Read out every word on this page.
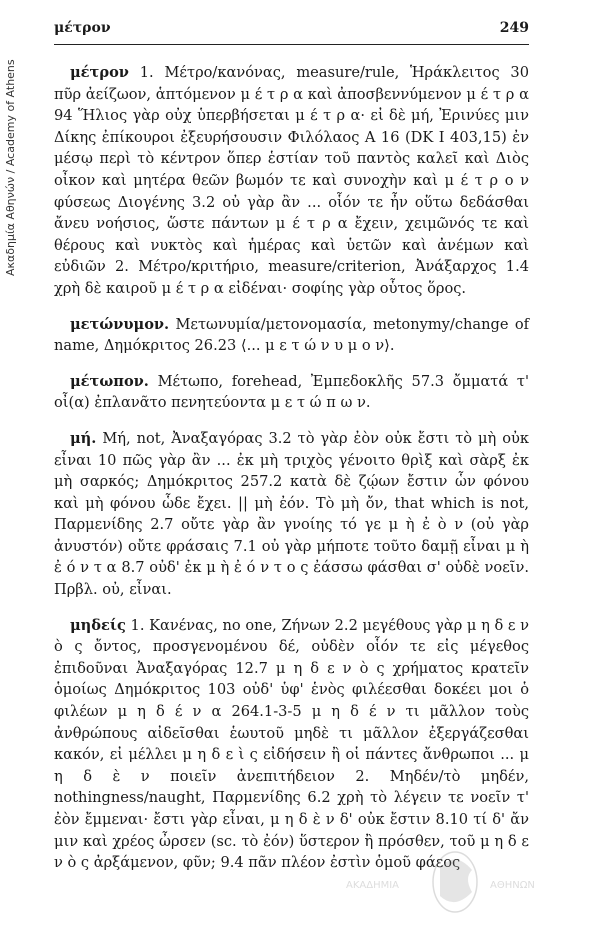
Ακαδημία Αθηνών / Academy of Athens
μέτρον	249

μέτρον 1. Μέτρο/κανόνας, measure/rule, Ἡράκλειτος 30 πῦρ ἀείζωον, ἁπτόμενον μ έ τ ρ α καὶ ἀποσβεννύμενον μ έ τ ρ α 94 Ἥλιος γὰρ οὐχ ὑπερβήσεται μ έ τ ρ α· εἰ δὲ μή, Ἐρινύες μιν Δίκης ἐπίκουροι ἐξευρήσουσιν Φιλόλαος Α 16 (DK I 403,15) ἐν μέσῳ περὶ τὸ κέντρον ὅπερ ἑστίαν τοῦ παντὸς καλεῖ καὶ Διὸς οἶκον καὶ μητέρα θεῶν βωμόν τε καὶ συνοχὴν καὶ μ έ τ ρ ο ν φύσεως Διογένης 3.2 οὐ γὰρ ἂν ... οἷόν τε ἦν οὕτω δεδάσθαι ἄνευ νοήσιος, ὥστε πάντων μ έ τ ρ α ἔχειν, χειμῶνός τε καὶ θέρους καὶ νυκτὸς καὶ ἡμέρας καὶ ὑετῶν καὶ ἀνέμων καὶ εὐδιῶν 2. Μέτρο/κριτήριο, measure/criterion, Ἀνάξαρχος 1.4 χρὴ δὲ καιροῦ μ έ τ ρ α εἰδέναι· σοφίης γὰρ οὗτος ὅρος.

μετώνυμον. Μετωνυμία/μετονομασία, metonymy/change of name, Δημόκριτος 26.23 ⟨... μ ε τ ώ ν υ μ ο ν⟩.

μέτωπον. Μέτωπο, forehead, Ἐμπεδοκλῆς 57.3 ὄμματά τ' οἶ(α) ἐπλανᾶτο πενητεύοντα μ ε τ ώ π ω ν.

μή. Μή, not, Ἀναξαγόρας 3.2 τὸ γὰρ ἐὸν οὐκ ἔστι τὸ μὴ οὐκ εἶναι 10 πῶς γὰρ ἂν ... ἐκ μὴ τριχὸς γένοιτο θρὶξ καὶ σὰρξ ἐκ μὴ σαρκός; Δημόκριτος 257.2 κατὰ δὲ ζῴων ἔστιν ὧν φόνου καὶ μὴ φόνου ὧδε ἔχει. || μὴ ἐόν. Τὸ μὴ ὄν, that which is not, Παρμενίδης 2.7 οὔτε γὰρ ἂν γνοίης τό γε μ ὴ ἐ ὸ ν (οὐ γὰρ ἀνυστόν) οὔτε φράσαις 7.1 οὐ γὰρ μήποτε τοῦτο δαμῇ εἶναι μ ὴ ἐ ό ν τ α 8.7 οὐδ' ἐκ μ ὴ ἐ ό ν τ ο ς ἐάσσω φάσθαι σ' οὐδὲ νοεῖν. Πρβλ. οὐ, εἶναι.

μηδείς 1. Κανένας, no one, Ζήνων 2.2 μεγέθους γὰρ μ η δ ε ν ὸ ς ὄντος, προσγενομένου δέ, οὐδὲν οἷόν τε εἰς μέγεθος ἐπιδοῦναι Ἀναξαγόρας 12.7 μ η δ ε ν ὸ ς χρήματος κρατεῖν ὁμοίως Δημόκριτος 103 οὐδ' ὑφ' ἑνὸς φιλέεσθαι δοκέει μοι ὁ φιλέων μ η δ έ ν α 264.1-3-5 μ η δ έ ν τι μᾶλλον τοὺς ἀνθρώπους αἰδεῖσθαι ἑωυτοῦ μηδὲ τι μᾶλλον ἐξεργάζεσθαι κακόν, εἰ μέλλει μ η δ ε ὶ ς εἰδήσειν ἢ οἱ πάντες ἄνθρωποι ... μ η δ ὲ ν ποιεῖν ἀνεπιτήδειον 2. Μηδέν/τὸ μηδέν, nothingness/naught, Παρμενίδης 6.2 χρὴ τὸ λέγειν τε νοεῖν τ' ἐὸν ἔμμεναι· ἔστι γὰρ εἶναι, μ η δ ὲ ν δ' οὐκ ἔστιν 8.10 τί δ' ἄν μιν καὶ χρέος ὦρσεν (sc. τὸ ἐόν) ὕστερον ἢ πρόσθεν, τοῦ μ η δ ε ν ὸ ς ἀρξάμενον, φῦν; 9.4 πᾶν πλέον ἐστὶν ὁμοῦ φάεος

ΑΚΑΔΗΜΙΑ	ΑΘΗΝΩΝ
